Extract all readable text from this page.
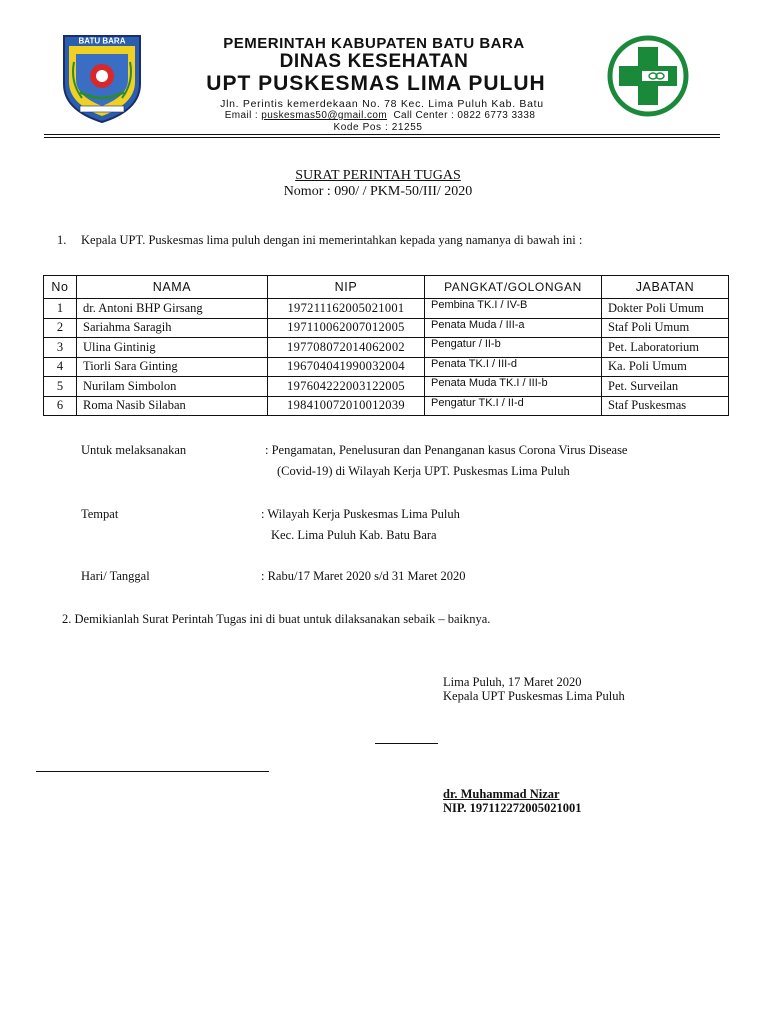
BATU BARA	PEMERINTAH KABUPATEN BATU BARA
DINAS KESEHATAN
UPT PUSKESMAS LIMA PULUH
Jln. Perintis kemerdekaan No. 78 Kec. Lima Puluh Kab. Batu
Email : puskesmas50@gmail.com Call Center : 0822 6773 3338
Kode Pos : 21255
SURAT PERINTAH TUGAS
Nomor : 090/ / PKM-50/III/ 2020
1. Kepala UPT. Puskesmas lima puluh dengan ini memerintahkan kepada yang namanya di bawah ini :
No	NAMA	NIP	PANGKAT/GOLONGAN	JABATAN
1	dr. Antoni BHP Girsang	197211162005021001	Pembina TK.I / IV-B	Dokter Poli Umum
2	Sariahma Saragih	197110062007012005	Penata Muda / III-a	Staf Poli Umum
3	Ulina Gintinig	197708072014062002	Pengatur / II-b	Pet. Laboratorium
4	Tiorli Sara Ginting	196704041990032004	Penata TK.I / III-d	Ka. Poli Umum
5	Nurilam Simbolon	197604222003122005	Penata Muda TK.I / III-b	Pet. Surveilan
6	Roma Nasib Silaban	198410072010012039	Pengatur TK.I / II-d	Staf Puskesmas
Untuk melaksanakan	: Pengamatan, Penelusuran dan Penanganan kasus Corona Virus Disease
(Covid-19) di Wilayah Kerja UPT. Puskesmas Lima Puluh
Tempat	: Wilayah Kerja Puskesmas Lima Puluh
Kec. Lima Puluh Kab. Batu Bara
Hari/ Tanggal	: Rabu/17 Maret 2020 s/d 31 Maret 2020
2. Demikianlah Surat Perintah Tugas ini di buat untuk dilaksanakan sebaik – baiknya.
Lima Puluh, 17 Maret 2020
Kepala UPT Puskesmas Lima Puluh
dr. Muhammad Nizar
NIP. 197112272005021001
